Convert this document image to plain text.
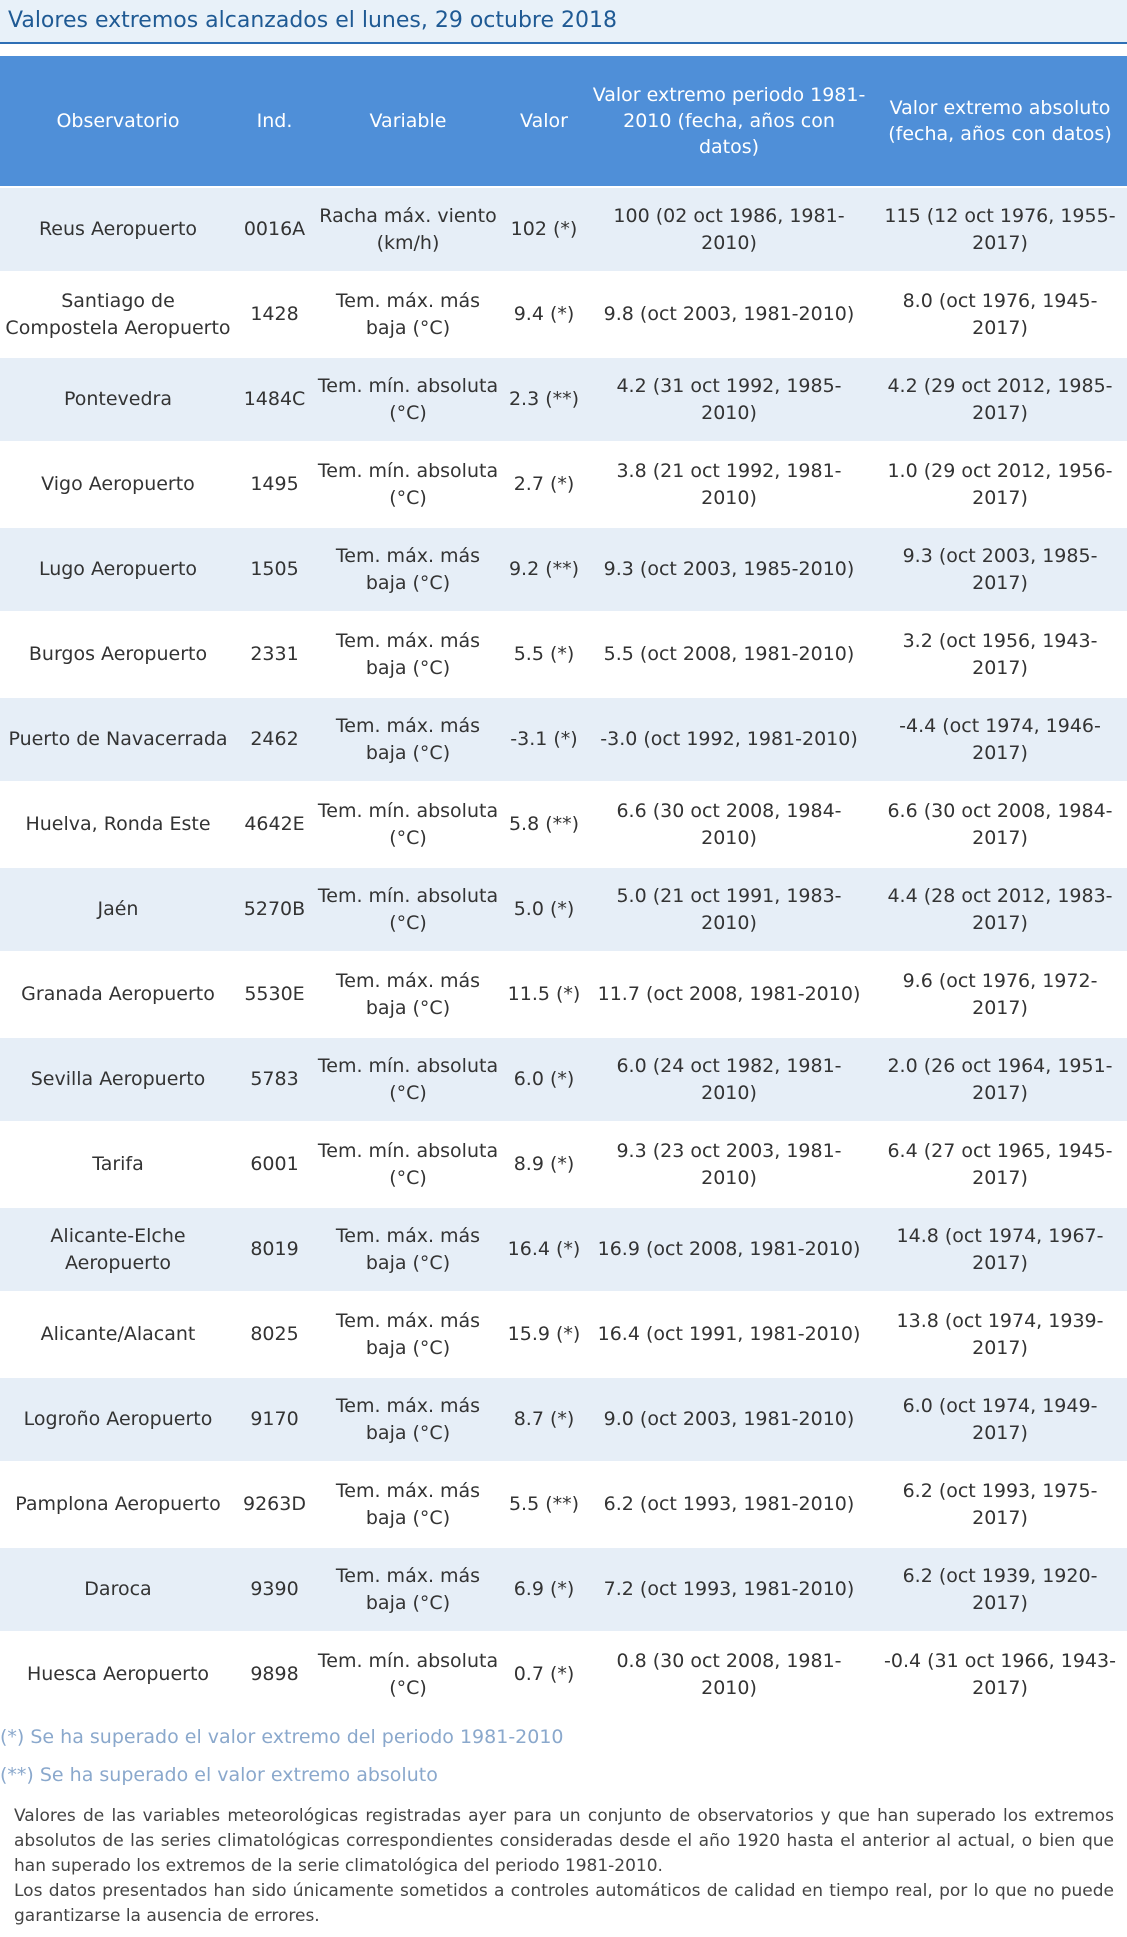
Valores extremos alcanzados el lunes, 29 octubre 2018
Observatorio	Ind.	Variable	Valor	Valor extremo periodo 1981-2010 (fecha, años con datos)	Valor extremo absoluto (fecha, años con datos)
Reus Aeropuerto	0016A	Racha máx. viento (km/h)	102 (*)	100 (02 oct 1986, 1981-2010)	115 (12 oct 1976, 1955-2017)
Santiago de Compostela Aeropuerto	1428	Tem. máx. más baja (°C)	9.4 (*)	9.8 (oct 2003, 1981-2010)	8.0 (oct 1976, 1945-2017)
Pontevedra	1484C	Tem. mín. absoluta (°C)	2.3 (**)	4.2 (31 oct 1992, 1985-2010)	4.2 (29 oct 2012, 1985-2017)
Vigo Aeropuerto	1495	Tem. mín. absoluta (°C)	2.7 (*)	3.8 (21 oct 1992, 1981-2010)	1.0 (29 oct 2012, 1956-2017)
Lugo Aeropuerto	1505	Tem. máx. más baja (°C)	9.2 (**)	9.3 (oct 2003, 1985-2010)	9.3 (oct 2003, 1985-2017)
Burgos Aeropuerto	2331	Tem. máx. más baja (°C)	5.5 (*)	5.5 (oct 2008, 1981-2010)	3.2 (oct 1956, 1943-2017)
Puerto de Navacerrada	2462	Tem. máx. más baja (°C)	-3.1 (*)	-3.0 (oct 1992, 1981-2010)	-4.4 (oct 1974, 1946-2017)
Huelva, Ronda Este	4642E	Tem. mín. absoluta (°C)	5.8 (**)	6.6 (30 oct 2008, 1984-2010)	6.6 (30 oct 2008, 1984-2017)
Jaén	5270B	Tem. mín. absoluta (°C)	5.0 (*)	5.0 (21 oct 1991, 1983-2010)	4.4 (28 oct 2012, 1983-2017)
Granada Aeropuerto	5530E	Tem. máx. más baja (°C)	11.5 (*)	11.7 (oct 2008, 1981-2010)	9.6 (oct 1976, 1972-2017)
Sevilla Aeropuerto	5783	Tem. mín. absoluta (°C)	6.0 (*)	6.0 (24 oct 1982, 1981-2010)	2.0 (26 oct 1964, 1951-2017)
Tarifa	6001	Tem. mín. absoluta (°C)	8.9 (*)	9.3 (23 oct 2003, 1981-2010)	6.4 (27 oct 1965, 1945-2017)
Alicante-Elche Aeropuerto	8019	Tem. máx. más baja (°C)	16.4 (*)	16.9 (oct 2008, 1981-2010)	14.8 (oct 1974, 1967-2017)
Alicante/Alacant	8025	Tem. máx. más baja (°C)	15.9 (*)	16.4 (oct 1991, 1981-2010)	13.8 (oct 1974, 1939-2017)
Logroño Aeropuerto	9170	Tem. máx. más baja (°C)	8.7 (*)	9.0 (oct 2003, 1981-2010)	6.0 (oct 1974, 1949-2017)
Pamplona Aeropuerto	9263D	Tem. máx. más baja (°C)	5.5 (**)	6.2 (oct 1993, 1981-2010)	6.2 (oct 1993, 1975-2017)
Daroca	9390	Tem. máx. más baja (°C)	6.9 (*)	7.2 (oct 1993, 1981-2010)	6.2 (oct 1939, 1920-2017)
Huesca Aeropuerto	9898	Tem. mín. absoluta (°C)	0.7 (*)	0.8 (30 oct 2008, 1981-2010)	-0.4 (31 oct 1966, 1943-2017)
(*) Se ha superado el valor extremo del periodo 1981-2010
(**) Se ha superado el valor extremo absoluto

Valores de las variables meteorológicas registradas ayer para un conjunto de observatorios y que han superado los extremos absolutos de las series climatológicas correspondientes consideradas desde el año 1920 hasta el anterior al actual, o bien que han superado los extremos de la serie climatológica del periodo 1981-2010.

Los datos presentados han sido únicamente sometidos a controles automáticos de calidad en tiempo real, por lo que no puede garantizarse la ausencia de errores.
